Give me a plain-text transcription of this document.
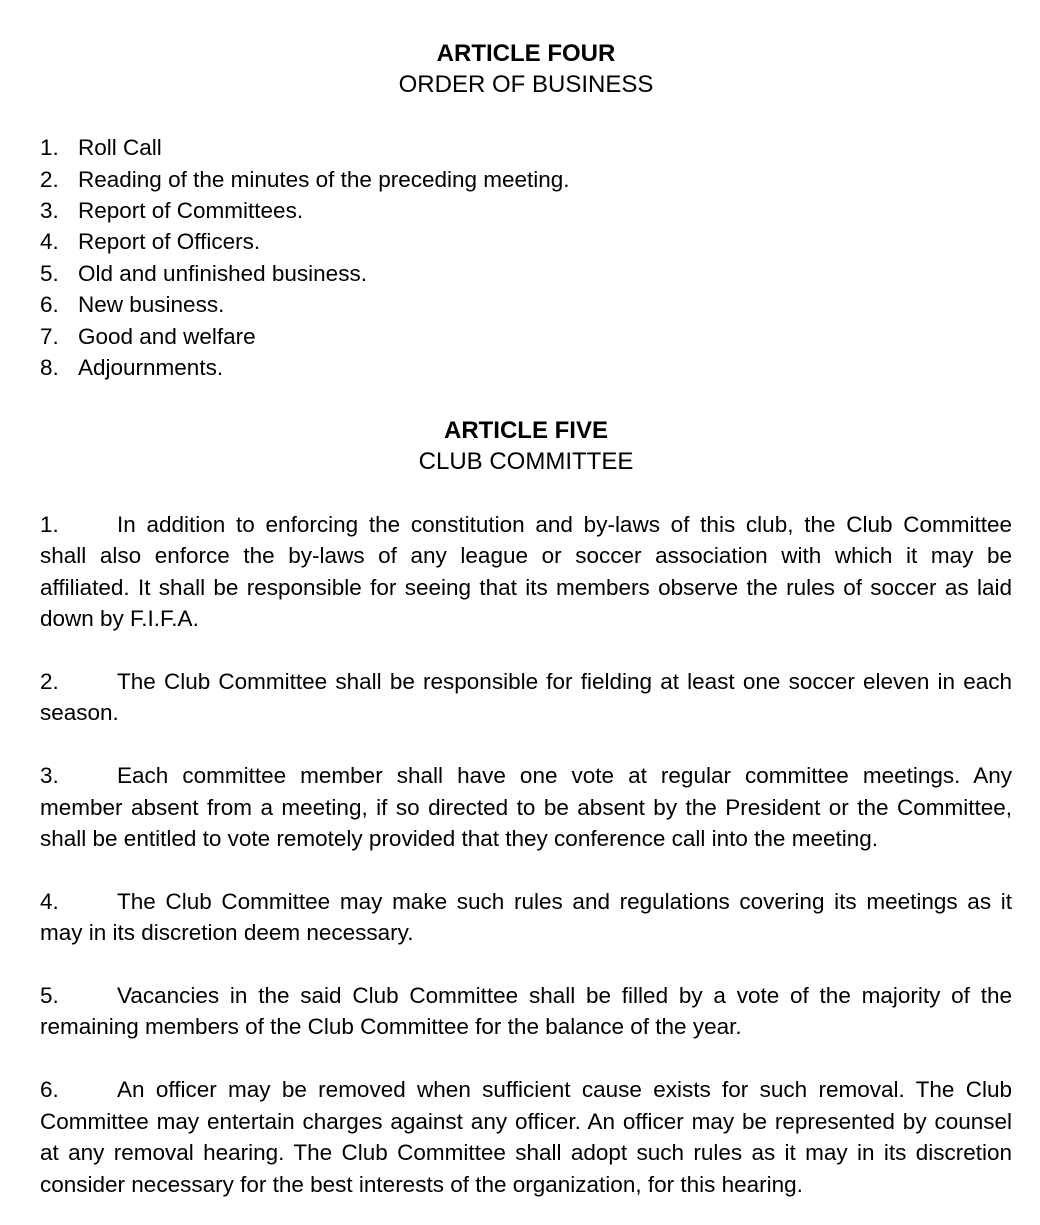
ARTICLE FOUR
ORDER OF BUSINESS
1. Roll Call
2. Reading of the minutes of the preceding meeting.
3. Report of Committees.
4. Report of Officers.
5. Old and unfinished business.
6. New business.
7. Good and welfare
8. Adjournments.
ARTICLE FIVE
CLUB COMMITTEE
1.	In addition to enforcing the constitution and by-laws of this club, the Club Committee
shall also enforce the by-laws of any league or soccer association with which it may be
affiliated. It shall be responsible for seeing that its members observe the rules of soccer as laid
down by F.I.F.A.
2.	The Club Committee shall be responsible for fielding at least one soccer eleven in each
season.
3.	Each committee member shall have one vote at regular committee meetings. Any
member absent from a meeting, if so directed to be absent by the President or the Committee,
shall be entitled to vote remotely provided that they conference call into the meeting.
4.	The Club Committee may make such rules and regulations covering its meetings as it
may in its discretion deem necessary.
5.	Vacancies in the said Club Committee shall be filled by a vote of the majority of the
remaining members of the Club Committee for the balance of the year.
6.	An officer may be removed when sufficient cause exists for such removal. The Club
Committee may entertain charges against any officer. An officer may be represented by counsel
at any removal hearing. The Club Committee shall adopt such rules as it may in its discretion
consider necessary for the best interests of the organization, for this hearing.
